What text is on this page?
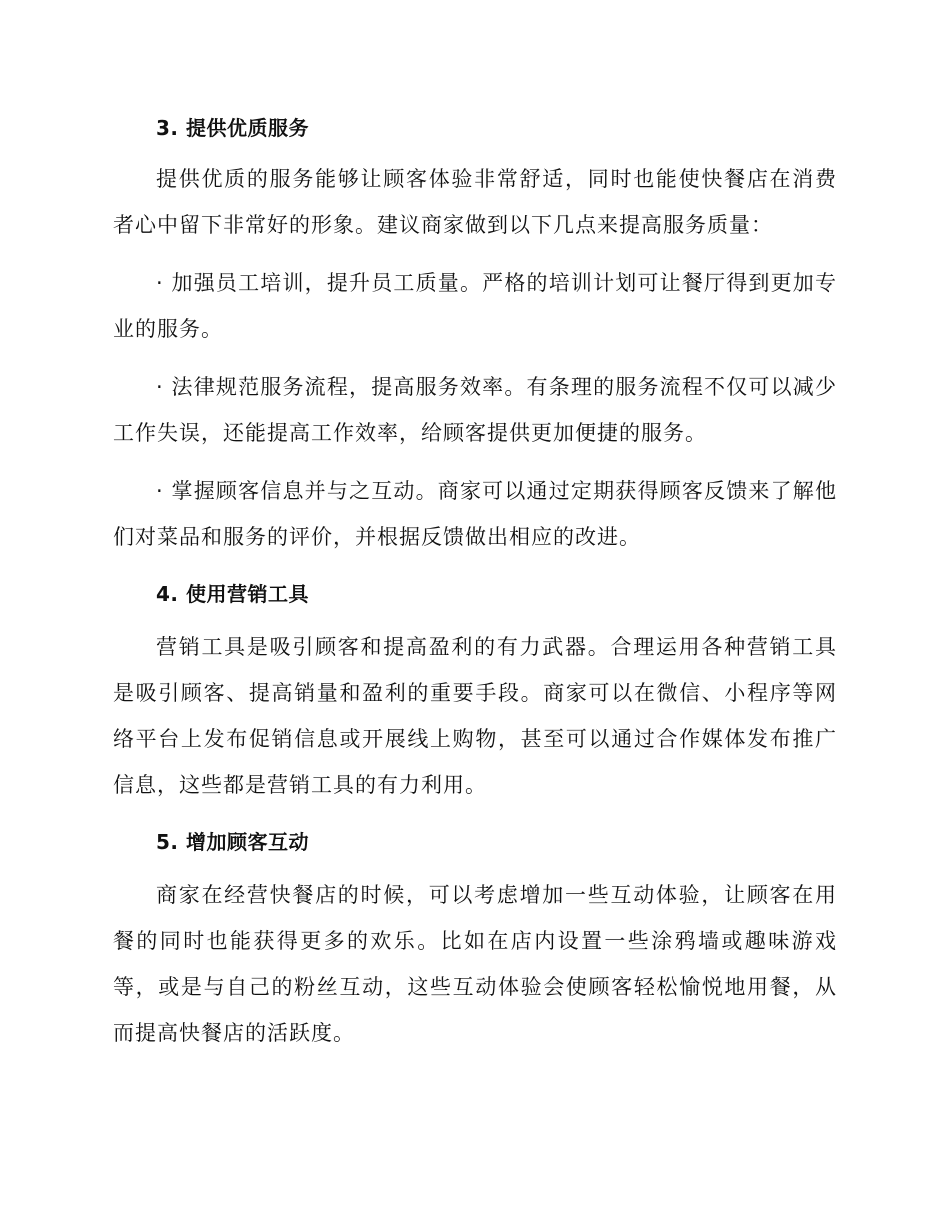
3. 提供优质服务

提供优质的服务能够让顾客体验非常舒适，同时也能使快餐店在消费者心中留下非常好的形象。建议商家做到以下几点来提高服务质量：

· 加强员工培训，提升员工质量。严格的培训计划可让餐厅得到更加专业的服务。

· 法律规范服务流程，提高服务效率。有条理的服务流程不仅可以减少工作失误，还能提高工作效率，给顾客提供更加便捷的服务。

· 掌握顾客信息并与之互动。商家可以通过定期获得顾客反馈来了解他们对菜品和服务的评价，并根据反馈做出相应的改进。

4. 使用营销工具

营销工具是吸引顾客和提高盈利的有力武器。合理运用各种营销工具是吸引顾客、提高销量和盈利的重要手段。商家可以在微信、小程序等网络平台上发布促销信息或开展线上购物，甚至可以通过合作媒体发布推广信息，这些都是营销工具的有力利用。

5. 增加顾客互动

商家在经营快餐店的时候，可以考虑增加一些互动体验，让顾客在用餐的同时也能获得更多的欢乐。比如在店内设置一些涂鸦墙或趣味游戏等，或是与自己的粉丝互动，这些互动体验会使顾客轻松愉悦地用餐，从而提高快餐店的活跃度。
